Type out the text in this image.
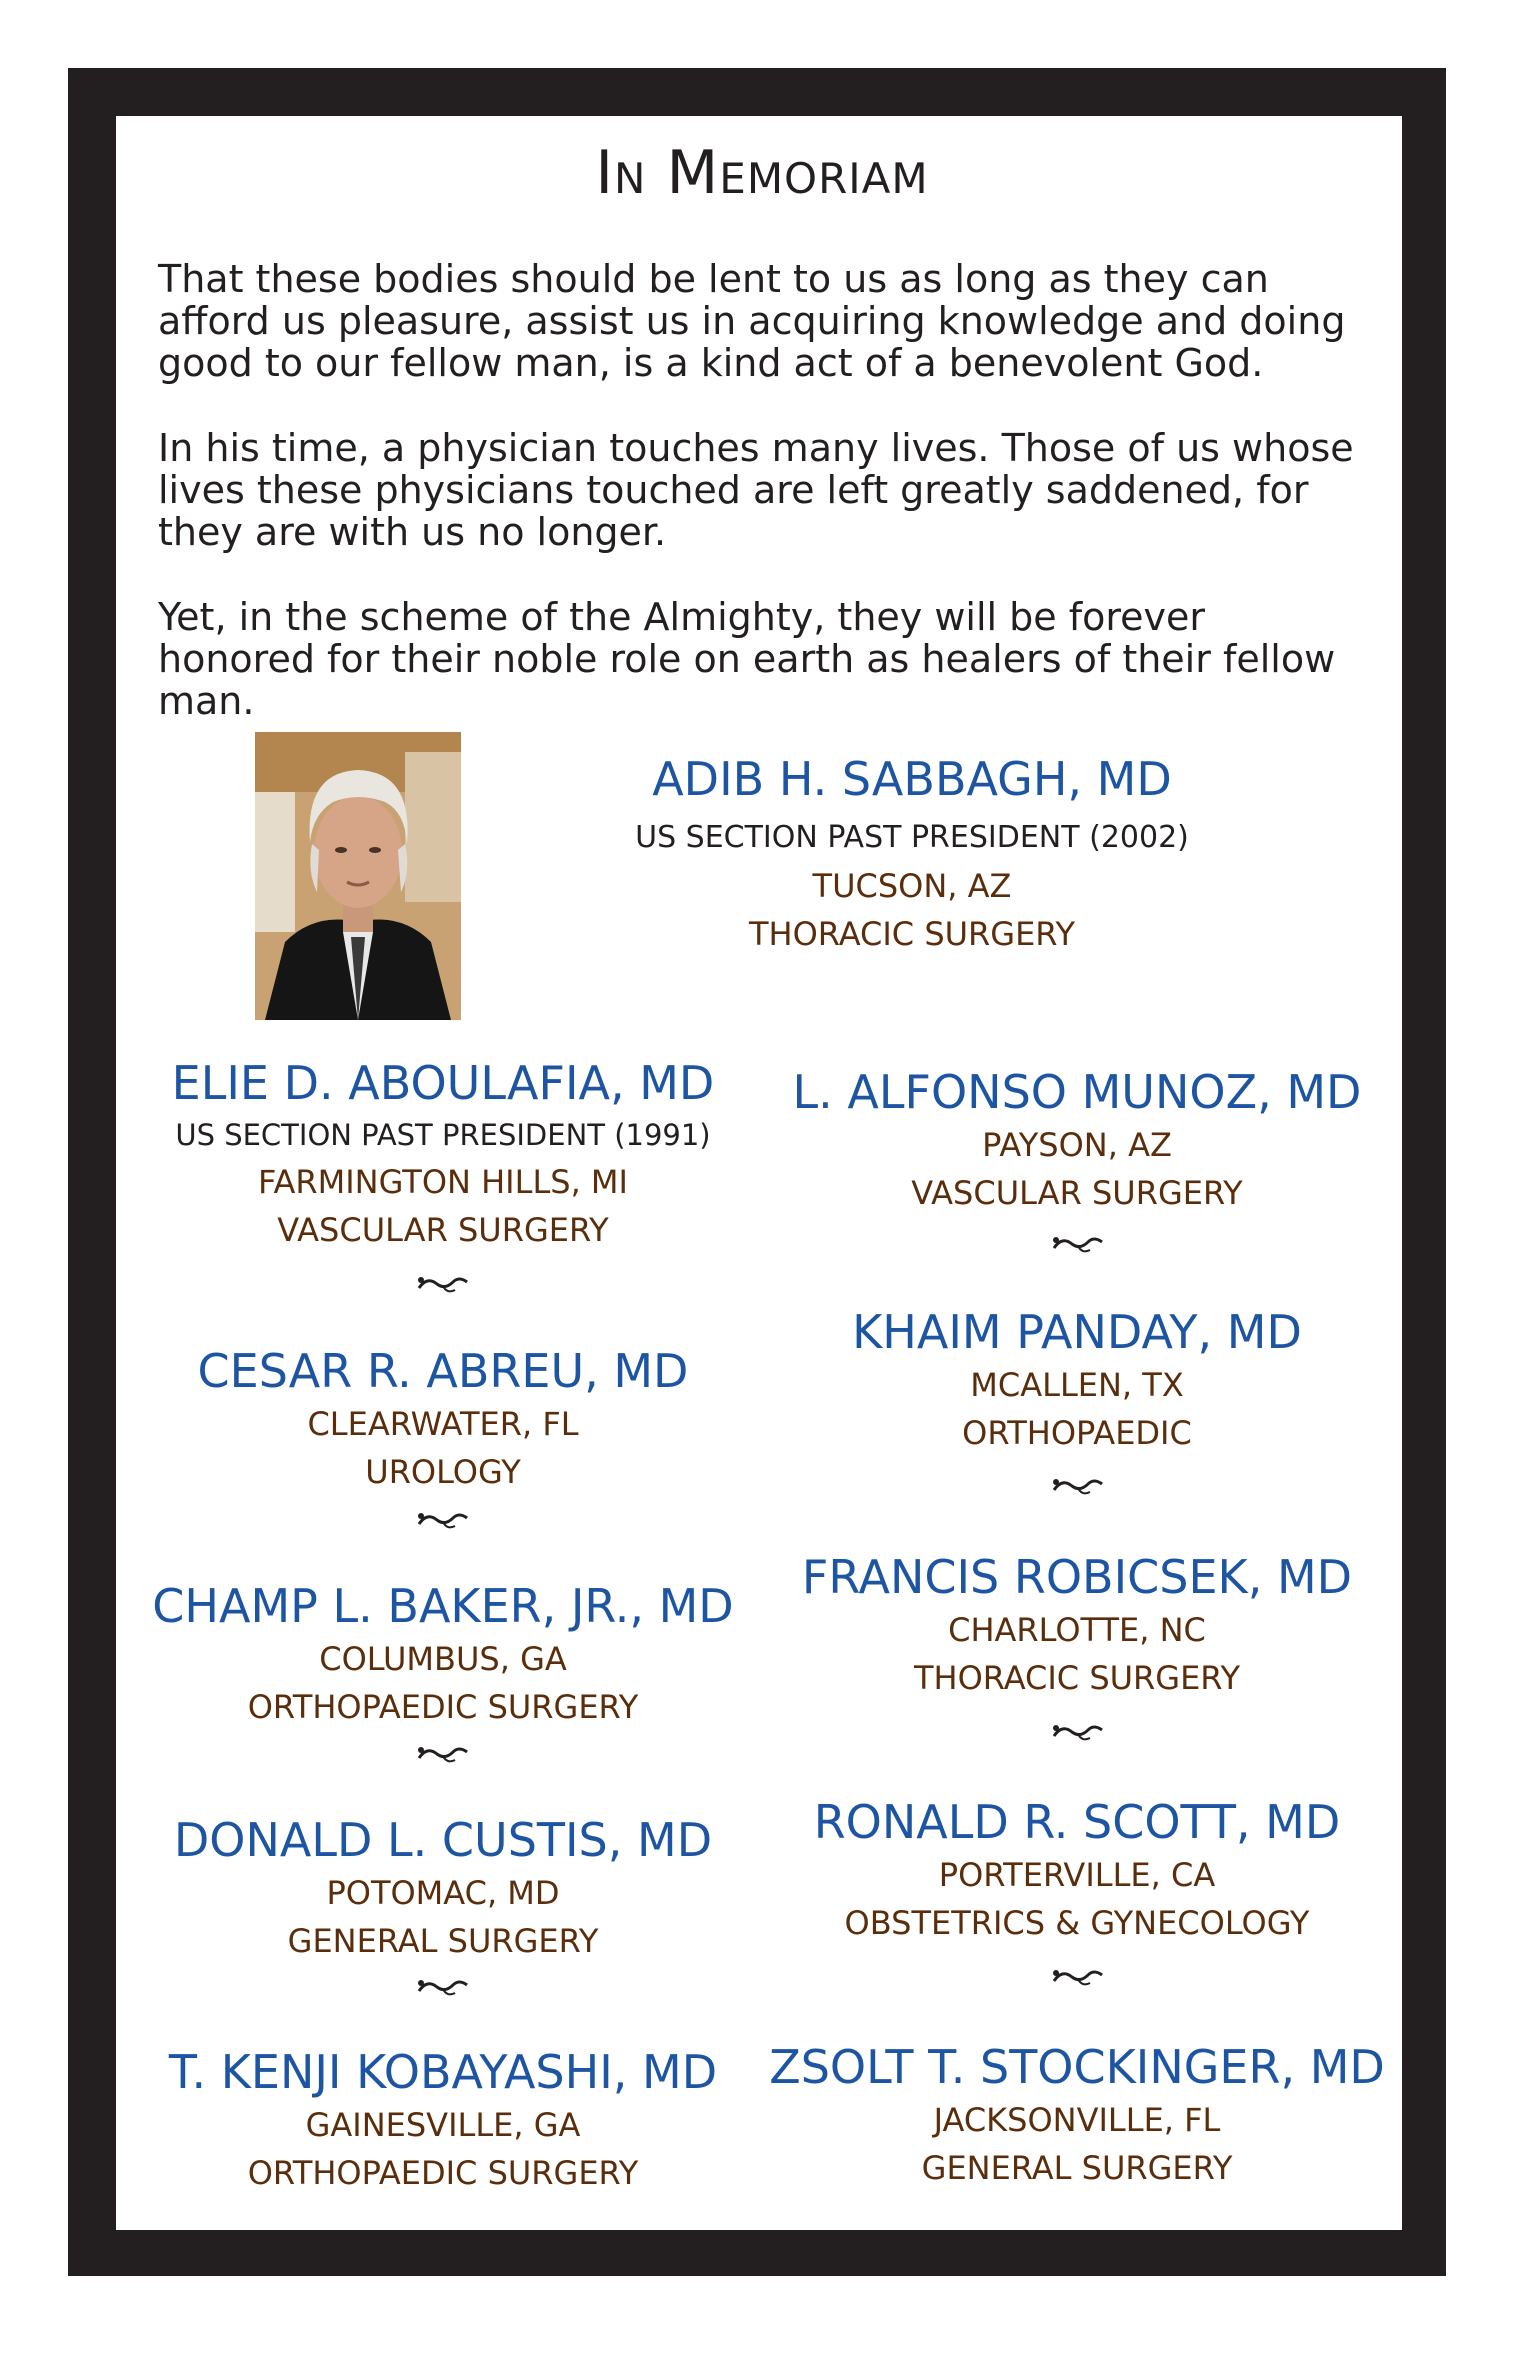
In Memoriam

That these bodies should be lent to us as long as they can afford us pleasure, assist us in acquiring knowledge and doing good to our fellow man, is a kind act of a benevolent God.

In his time, a physician touches many lives. Those of us whose lives these physicians touched are left greatly saddened, for they are with us no longer.

Yet, in the scheme of the Almighty, they will be forever honored for their noble role on earth as healers of their fellow man.

ADIB H. SABBAGH, MD
US SECTION PAST PRESIDENT (2002)
TUCSON, AZ
THORACIC SURGERY
ELIE D. ABOULAFIA, MD
US SECTION PAST PRESIDENT (1991)
FARMINGTON HILLS, MI
VASCULAR SURGERY
CESAR R. ABREU, MD
CLEARWATER, FL
UROLOGY
CHAMP L. BAKER, JR., MD
COLUMBUS, GA
ORTHOPAEDIC SURGERY
DONALD L. CUSTIS, MD
POTOMAC, MD
GENERAL SURGERY
T. KENJI KOBAYASHI, MD
GAINESVILLE, GA
ORTHOPAEDIC SURGERY
L. ALFONSO MUNOZ, MD
PAYSON, AZ
VASCULAR SURGERY
KHAIM PANDAY, MD
MCALLEN, TX
ORTHOPAEDIC
FRANCIS ROBICSEK, MD
CHARLOTTE, NC
THORACIC SURGERY
RONALD R. SCOTT, MD
PORTERVILLE, CA
OBSTETRICS & GYNECOLOGY
ZSOLT T. STOCKINGER, MD
JACKSONVILLE, FL
GENERAL SURGERY
